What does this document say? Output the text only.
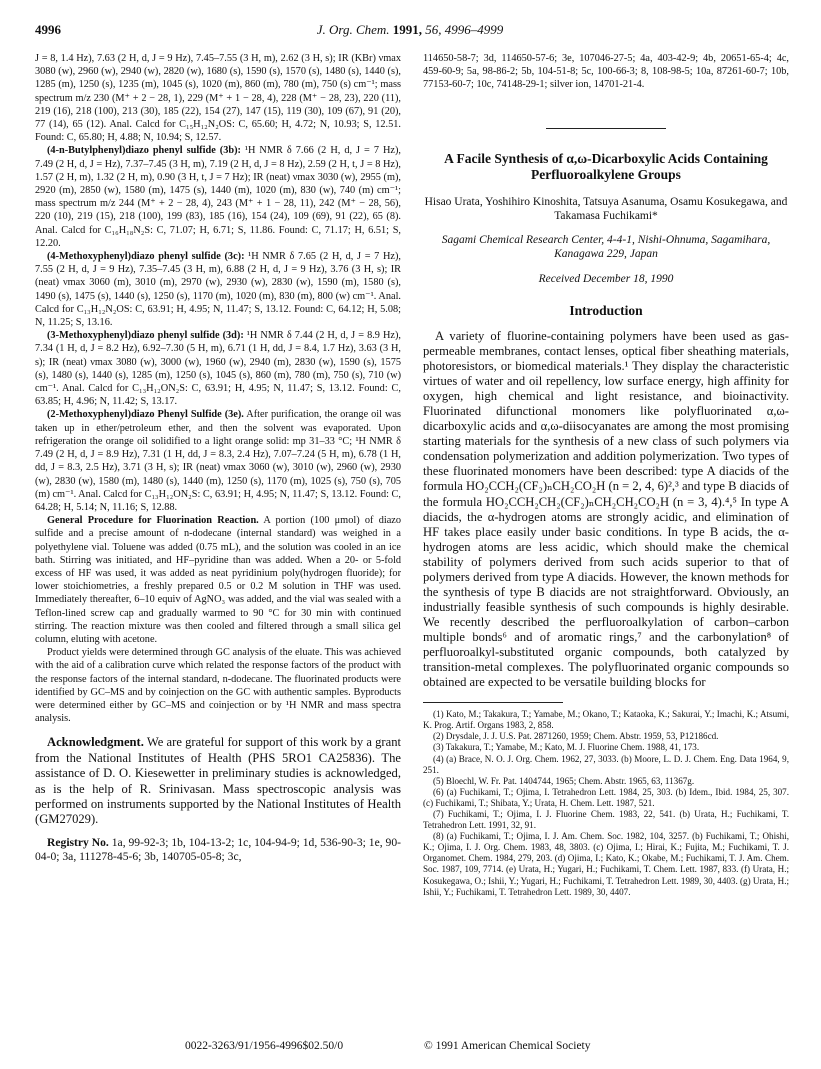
4996	J. Org. Chem. 1991, 56, 4996–4999

J = 8, 1.4 Hz), 7.63 (2 H, d, J = 9 Hz), 7.45–7.55 (3 H, m), 2.62 (3 H, s); IR (KBr) νmax 3080 (w), 2960 (w), 2940 (w), 2820 (w), 1680 (s), 1590 (s), 1570 (s), 1480 (s), 1440 (s), 1285 (m), 1250 (s), 1235 (m), 1045 (s), 1020 (m), 860 (m), 780 (m), 750 (s) cm⁻¹; mass spectrum m/z 230 (M⁺ + 2 − 28, 1), 229 (M⁺ + 1 − 28, 4), 228 (M⁺ − 28, 23), 220 (11), 219 (16), 218 (100), 213 (30), 185 (22), 154 (27), 147 (15), 119 (30), 109 (67), 91 (20), 77 (14), 65 (12). Anal. Calcd for C₁₅H₁₂N₂OS: C, 65.60; H, 4.72; N, 10.93; S, 12.51. Found: C, 65.80; H, 4.88; N, 10.94; S, 12.57.

(4-n-Butylphenyl)diazo phenyl sulfide (3b): ¹H NMR δ 7.66 (2 H, d, J = 7 Hz), 7.49 (2 H, d, J = Hz), 7.37–7.45 (3 H, m), 7.19 (2 H, d, J = 8 Hz), 2.59 (2 H, t, J = 8 Hz), 1.57 (2 H, m), 1.32 (2 H, m), 0.90 (3 H, t, J = 7 Hz); IR (neat) νmax 3030 (w), 2955 (m), 2920 (m), 2850 (w), 1580 (m), 1475 (s), 1440 (m), 1020 (m), 830 (w), 740 (m) cm⁻¹; mass spectrum m/z 244 (M⁺ + 2 − 28, 4), 243 (M⁺ + 1 − 28, 11), 242 (M⁺ − 28, 56), 220 (10), 219 (15), 218 (100), 199 (83), 185 (16), 154 (24), 109 (69), 91 (22), 65 (8). Anal. Calcd for C₁₆H₁₈N₂S: C, 71.07; H, 6.71; S, 11.86. Found: C, 71.17; H, 6.51; S, 12.20.

(4-Methoxyphenyl)diazo phenyl sulfide (3c): ¹H NMR δ 7.65 (2 H, d, J = 7 Hz), 7.55 (2 H, d, J = 9 Hz), 7.35–7.45 (3 H, m), 6.88 (2 H, d, J = 9 Hz), 3.76 (3 H, s); IR (neat) νmax 3060 (m), 3010 (m), 2970 (w), 2930 (w), 2830 (w), 1590 (m), 1580 (s), 1490 (s), 1475 (s), 1440 (s), 1250 (s), 1170 (m), 1020 (m), 830 (m), 800 (w) cm⁻¹. Anal. Calcd for C₁₃H₁₂N₂OS: C, 63.91; H, 4.95; N, 11.47; S, 13.12. Found: C, 64.12; H, 5.08; N, 11.25; S, 13.16.

(3-Methoxyphenyl)diazo phenyl sulfide (3d): ¹H NMR δ 7.44 (2 H, d, J = 8.9 Hz), 7.34 (1 H, d, J = 8.2 Hz), 6.92–7.30 (5 H, m), 6.71 (1 H, dd, J = 8.4, 1.7 Hz), 3.63 (3 H, s); IR (neat) νmax 3080 (w), 3000 (w), 1960 (w), 2940 (m), 2830 (w), 1590 (s), 1575 (s), 1480 (s), 1440 (s), 1285 (m), 1250 (s), 1045 (s), 860 (m), 780 (m), 750 (s), 710 (w) cm⁻¹. Anal. Calcd for C₁₃H₁₂ON₂S: C, 63.91; H, 4.95; N, 11.47; S, 13.12. Found: C, 63.85; H, 4.96; N, 11.42; S, 13.17.

(2-Methoxyphenyl)diazo Phenyl Sulfide (3e). After purification, the orange oil was taken up in ether/petroleum ether, and then the solvent was evaporated. Upon refrigeration the orange oil solidified to a light orange solid: mp 31–33 °C; ¹H NMR δ 7.49 (2 H, d, J = 8.9 Hz), 7.31 (1 H, dd, J = 8.3, 2.4 Hz), 7.07–7.24 (5 H, m), 6.78 (1 H, dd, J = 8.3, 2.5 Hz), 3.71 (3 H, s); IR (neat) νmax 3060 (w), 3010 (w), 2960 (w), 2930 (w), 2830 (w), 1580 (m), 1480 (s), 1440 (m), 1250 (s), 1170 (m), 1025 (s), 750 (s), 705 (m) cm⁻¹. Anal. Calcd for C₁₃H₁₂ON₂S: C, 63.91; H, 4.95; N, 11.47; S, 13.12. Found: C, 64.28; H, 5.14; N, 11.16; S, 12.88.

General Procedure for Fluorination Reaction. A portion (100 μmol) of diazo sulfide and a precise amount of n-dodecane (internal standard) was weighed in a polyethylene vial. Toluene was added (0.75 mL), and the solution was cooled in an ice bath. Stirring was initiated, and HF–pyridine than was added. When a 20- or 5-fold excess of HF was used, it was added as neat pyridinium poly(hydrogen fluoride); for lower stoichiometries, a freshly prepared 0.5 or 0.2 M solution in THF was used. Immediately thereafter, 6–10 equiv of AgNO₃ was added, and the vial was sealed with a Teflon-lined screw cap and gradually warmed to 90 °C for 30 min with continued stirring. The reaction mixture was then cooled and filtered through a small silica gel column, eluting with acetone.

Product yields were determined through GC analysis of the eluate. This was achieved with the aid of a calibration curve which related the response factors of the product with the response factors of the internal standard, n-dodecane. The fluorinated products were identified by GC–MS and by coinjection on the GC with authentic samples. Byproducts were determined either by GC–MS and coinjection or by ¹H NMR and mass spectra analysis.

Acknowledgment. We are grateful for support of this work by a grant from the National Institutes of Health (PHS 5RO1 CA25836). The assistance of D. O. Kiesewetter in preliminary studies is acknowledged, as is the help of R. Srinivasan. Mass spectroscopic analysis was performed on instruments supported by the National Institutes of Health (GM27029).

Registry No. 1a, 99-92-3; 1b, 104-13-2; 1c, 104-94-9; 1d, 536-90-3; 1e, 90-04-0; 3a, 111278-45-6; 3b, 140705-05-8; 3c,

114650-58-7; 3d, 114650-57-6; 3e, 107046-27-5; 4a, 403-42-9; 4b, 20651-65-4; 4c, 459-60-9; 5a, 98-86-2; 5b, 104-51-8; 5c, 100-66-3; 8, 108-98-5; 10a, 87261-60-7; 10b, 77153-60-7; 10c, 74148-29-1; silver ion, 14701-21-4.

A Facile Synthesis of α,ω-Dicarboxylic Acids Containing Perfluoroalkylene Groups

Hisao Urata, Yoshihiro Kinoshita, Tatsuya Asanuma, Osamu Kosukegawa, and Takamasa Fuchikami*
Sagami Chemical Research Center, 4-4-1, Nishi-Ohnuma, Sagamihara, Kanagawa 229, Japan
Received December 18, 1990
Introduction

A variety of fluorine-containing polymers have been used as gas-permeable membranes, contact lenses, optical fiber sheathing materials, photoresistors, or biomedical materials.¹ They display the characteristic virtues of water and oil repellency, low surface energy, high affinity for oxygen, high chemical and light resistance, and bioinactivity. Fluorinated difunctional monomers like polyfluorinated α,ω-dicarboxylic acids and α,ω-diisocyanates are among the most promising starting materials for the synthesis of a new class of such polymers via condensation polymerization and addition polymerization. Two types of these fluorinated monomers have been described: type A diacids of the formula HO₂CCH₂(CF₂)ₙCH₂CO₂H (n = 2, 4, 6)²,³ and type B diacids of the formula HO₂CCH₂CH₂(CF₂)ₙCH₂CH₂CO₂H (n = 3, 4).⁴,⁵ In type A diacids, the α-hydrogen atoms are strongly acidic, and elimination of HF takes place easily under basic conditions. In type B acids, the α-hydrogen atoms are less acidic, which should make the chemical stability of polymers derived from such acids superior to that of polymers derived from type A diacids. However, the known methods for the synthesis of type B diacids are not straightforward. Obviously, an industrially feasible synthesis of such compounds is highly desirable. We recently described the perfluoroalkylation of carbon–carbon multiple bonds⁶ and of aromatic rings,⁷ and the carbonylation⁸ of perfluoroalkyl-substituted organic compounds, both catalyzed by transition-metal complexes. The polyfluorinated organic compounds so obtained are expected to be versatile building blocks for

(1) Kato, M.; Takakura, T.; Yamabe, M.; Okano, T.; Kataoka, K.; Sakurai, Y.; Imachi, K.; Atsumi, K. Prog. Artif. Organs 1983, 2, 858.

(2) Drysdale, J. J. U.S. Pat. 2871260, 1959; Chem. Abstr. 1959, 53, P12186cd.

(3) Takakura, T.; Yamabe, M.; Kato, M. J. Fluorine Chem. 1988, 41, 173.

(4) (a) Brace, N. O. J. Org. Chem. 1962, 27, 3033. (b) Moore, L. D. J. Chem. Eng. Data 1964, 9, 251.

(5) Bloechl, W. Fr. Pat. 1404744, 1965; Chem. Abstr. 1965, 63, 11367g.

(6) (a) Fuchikami, T.; Ojima, I. Tetrahedron Lett. 1984, 25, 303. (b) Idem., Ibid. 1984, 25, 307. (c) Fuchikami, T.; Shibata, Y.; Urata, H. Chem. Lett. 1987, 521.

(7) Fuchikami, T.; Ojima, I. J. Fluorine Chem. 1983, 22, 541. (b) Urata, H.; Fuchikami, T. Tetrahedron Lett. 1991, 32, 91.

(8) (a) Fuchikami, T.; Ojima, I. J. Am. Chem. Soc. 1982, 104, 3257. (b) Fuchikami, T.; Ohishi, K.; Ojima, I. J. Org. Chem. 1983, 48, 3803. (c) Ojima, I.; Hirai, K.; Fujita, M.; Fuchikami, T. J. Organomet. Chem. 1984, 279, 203. (d) Ojima, I.; Kato, K.; Okabe, M.; Fuchikami, T. J. Am. Chem. Soc. 1987, 109, 7714. (e) Urata, H.; Yugari, H.; Fuchikami, T. Chem. Lett. 1987, 833. (f) Urata, H.; Kosukegawa, O.; Ishii, Y.; Yugari, H.; Fuchikami, T. Tetrahedron Lett. 1989, 30, 4403. (g) Urata, H.; Ishii, Y.; Fuchikami, T. Tetrahedron Lett. 1989, 30, 4407.

0022-3263/91/1956-4996$02.50/0	© 1991 American Chemical Society
